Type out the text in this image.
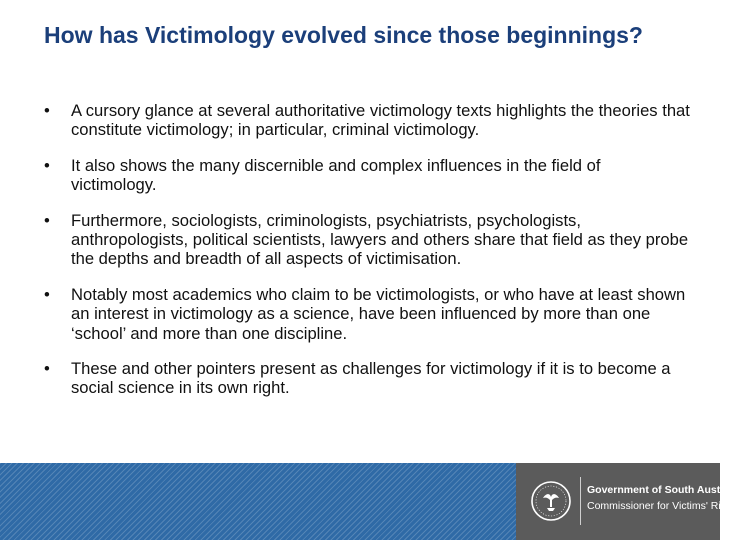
How has Victimology evolved since those beginnings?
• A cursory glance at several authoritative victimology texts highlights the theories that constitute victimology; in particular, criminal victimology.
• It also shows the many discernible and complex influences in the field of victimology.
• Furthermore, sociologists, criminologists, psychiatrists, psychologists, anthropologists, political scientists, lawyers and others share that field as they probe the depths and breadth of all aspects of victimisation.
• Notably most academics who claim to be victimologists, or who have at least shown an interest in victimology as a science, have been influenced by more than one ‘school’ and more than one discipline.
• These and other pointers present as challenges for victimology if it is to become a social science in its own right.
Government of South Australia
Commissioner for Victims' Rights
